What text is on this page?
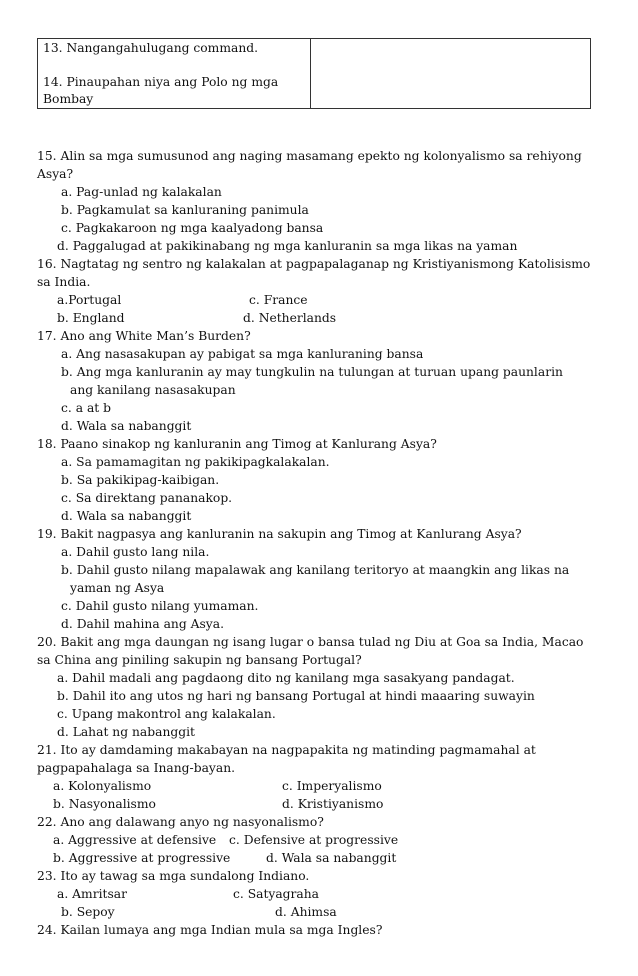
13. Nangangahulugang command.
14. Pinaupahan niya ang Polo ng mga
Bombay
15. Alin sa mga sumusunod ang naging masamang epekto ng kolonyalismo sa rehiyong
Asya?
a. Pag-unlad ng kalakalan
b. Pagkamulat sa kanluraning panimula
c. Pagkakaroon ng mga kaalyadong bansa
d. Paggalugad at pakikinabang ng mga kanluranin sa mga likas na yaman
16. Nagtatag ng sentro ng kalakalan at pagpapalaganap ng Kristiyanismong Katolisismo
sa India.
a.Portugal	c. France
b. England	d. Netherlands
17. Ano ang White Man’s Burden?
a. Ang nasasakupan ay pabigat sa mga kanluraning bansa
b. Ang mga kanluranin ay may tungkulin na tulungan at turuan upang paunlarin
ang kanilang nasasakupan
c. a at b
d. Wala sa nabanggit
18. Paano sinakop ng kanluranin ang Timog at Kanlurang Asya?
a. Sa pamamagitan ng pakikipagkalakalan.
b. Sa pakikipag-kaibigan.
c. Sa direktang pananakop.
d. Wala sa nabanggit
19. Bakit nagpasya ang kanluranin na sakupin ang Timog at Kanlurang Asya?
a. Dahil gusto lang nila.
b. Dahil gusto nilang mapalawak ang kanilang teritoryo at maangkin ang likas na
yaman ng Asya
c. Dahil gusto nilang yumaman.
d. Dahil mahina ang Asya.
20. Bakit ang mga daungan ng isang lugar o bansa tulad ng Diu at Goa sa India, Macao
sa China ang piniling sakupin ng bansang Portugal?
a. Dahil madali ang pagdaong dito ng kanilang mga sasakyang pandagat.
b. Dahil ito ang utos ng hari ng bansang Portugal at hindi maaaring suwayin
c. Upang makontrol ang kalakalan.
d. Lahat ng nabanggit
21. Ito ay damdaming makabayan na nagpapakita ng matinding pagmamahal at
pagpapahalaga sa Inang-bayan.
a. Kolonyalismo	c. Imperyalismo
b. Nasyonalismo	d. Kristiyanismo
22. Ano ang dalawang anyo ng nasyonalismo?
a. Aggressive at defensive	c. Defensive at progressive
b. Aggressive at progressive	d. Wala sa nabanggit
23. Ito ay tawag sa mga sundalong Indiano.
a. Amritsar	c. Satyagraha
b. Sepoy	d. Ahimsa
24. Kailan lumaya ang mga Indian mula sa mga Ingles?
